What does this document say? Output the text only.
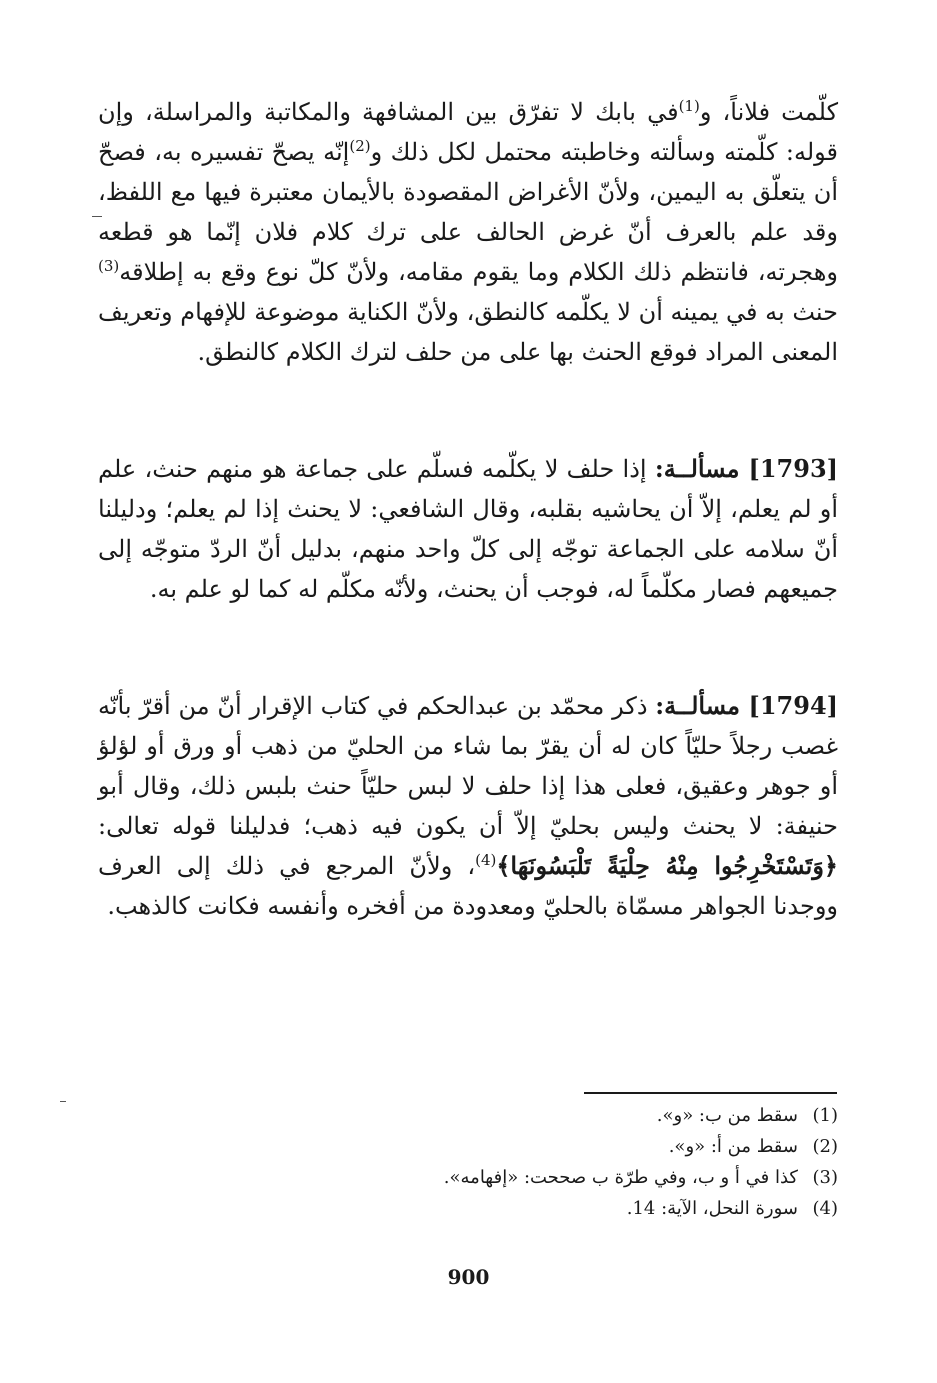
كلّمت فلاناً، و$^{(1)}$في بابك لا تفرّق بين المشافهة والمكاتبة والمراسلة، وإن قوله: كلّمته وسألته وخاطبته محتمل لكل ذلك و$^{(2)}$إنّه يصحّ تفسيره به، فصحّ أن يتعلّق به اليمين، ولأنّ الأغراض المقصودة بالأيمان معتبرة فيها مع اللفظ، وقد علم بالعرف أنّ غرض الحالف على ترك كلام فلان إنّما هو قطعه وهجرته، فانتظم ذلك الكلام وما يقوم مقامه، ولأنّ كلّ نوع وقع به إطلاقه$^{(3)}$ حنث به في يمينه أن لا يكلّمه كالنطق، ولأنّ الكناية موضوعة للإفهام وتعريف المعنى المراد فوقع الحنث بها على من حلف لترك الكلام كالنطق.

[1793] مسألــة: إذا حلف لا يكلّمه فسلّم على جماعة هو منهم حنث، علم أو لم يعلم، إلاّ أن يحاشيه بقلبه، وقال الشافعي: لا يحنث إذا لم يعلم؛ ودليلنا أنّ سلامه على الجماعة توجّه إلى كلّ واحد منهم، بدليل أنّ الردّ متوجّه إلى جميعهم فصار مكلّماً له، فوجب أن يحنث، ولأنّه مكلّم له كما لو علم به.

[1794] مسألــة: ذكر محمّد بن عبدالحكم في كتاب الإقرار أنّ من أقرّ بأنّه غصب رجلاً حليّاً كان له أن يقرّ بما شاء من الحليّ من ذهب أو ورق أو لؤلؤ أو جوهر وعقيق، فعلى هذا إذا حلف لا لبس حليّاً حنث بلبس ذلك، وقال أبو حنيفة: لا يحنث وليس بحليّ إلاّ أن يكون فيه ذهب؛ فدليلنا قوله تعالى: ﴿وَتَسْتَخْرِجُوا مِنْهُ حِلْيَةً تَلْبَسُونَهَا﴾$^{(4)}$، ولأنّ المرجع في ذلك إلى العرف ووجدنا الجواهر مسمّاة بالحليّ ومعدودة من أفخره وأنفسه فكانت كالذهب.

(1)
سقط من ب: «و».
(2)
سقط من أ: «و».
(3)
كذا في أ و ب، وفي طرّة ب صححت: «إفهامه».
(4)
سورة النحل، الآية: 14.
900
